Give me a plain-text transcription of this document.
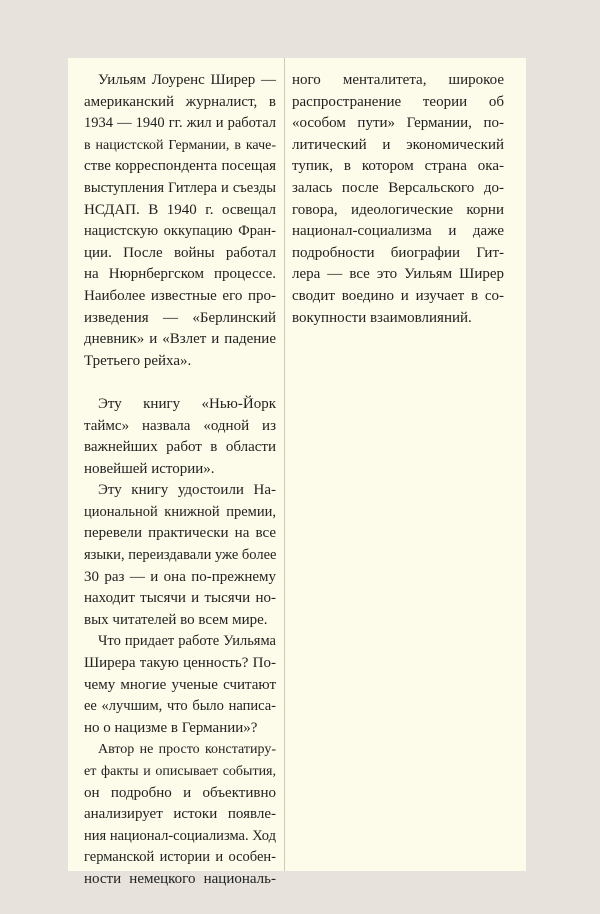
Уильям Лоуренс Ширер —
американский журналист, в
1934 — 1940 гг. жил и работал
в нацистской Германии, в каче-
стве корреспондента посещая
выступления Гитлера и съезды
НСДАП. В 1940 г. освещал
нацистскую оккупацию Фран-
ции. После войны работал
на Нюрнбергском процессе.
Наиболее известные его про-
изведения — «Берлинский
дневник» и «Взлет и падение
Третьего рейха».
Эту книгу «Нью-Йорк
таймс» назвала «одной из
важнейших работ в области
новейшей истории».
Эту книгу удостоили На-
циональной книжной премии,
перевели практически на все
языки, переиздавали уже более
30 раз — и она по-прежнему
находит тысячи и тысячи но-
вых читателей во всем мире.
Что придает работе Уильяма
Ширера такую ценность? По-
чему многие ученые считают
ее «лучшим, что было написа-
но о нацизме в Германии»?
Автор не просто констатиру-
ет факты и описывает события,
он подробно и объективно
анализирует истоки появле-
ния национал-социализма. Ход
германской истории и особен-
ности немецкого националь-
ного менталитета, широкое
распространение теории об
«особом пути» Германии, по-
литический и экономический
тупик, в котором страна ока-
залась после Версальского до-
говора, идеологические корни
национал-социализма и даже
подробности биографии Гит-
лера — все это Уильям Ширер
сводит воедино и изучает в со-
вокупности взаимовлияний.
